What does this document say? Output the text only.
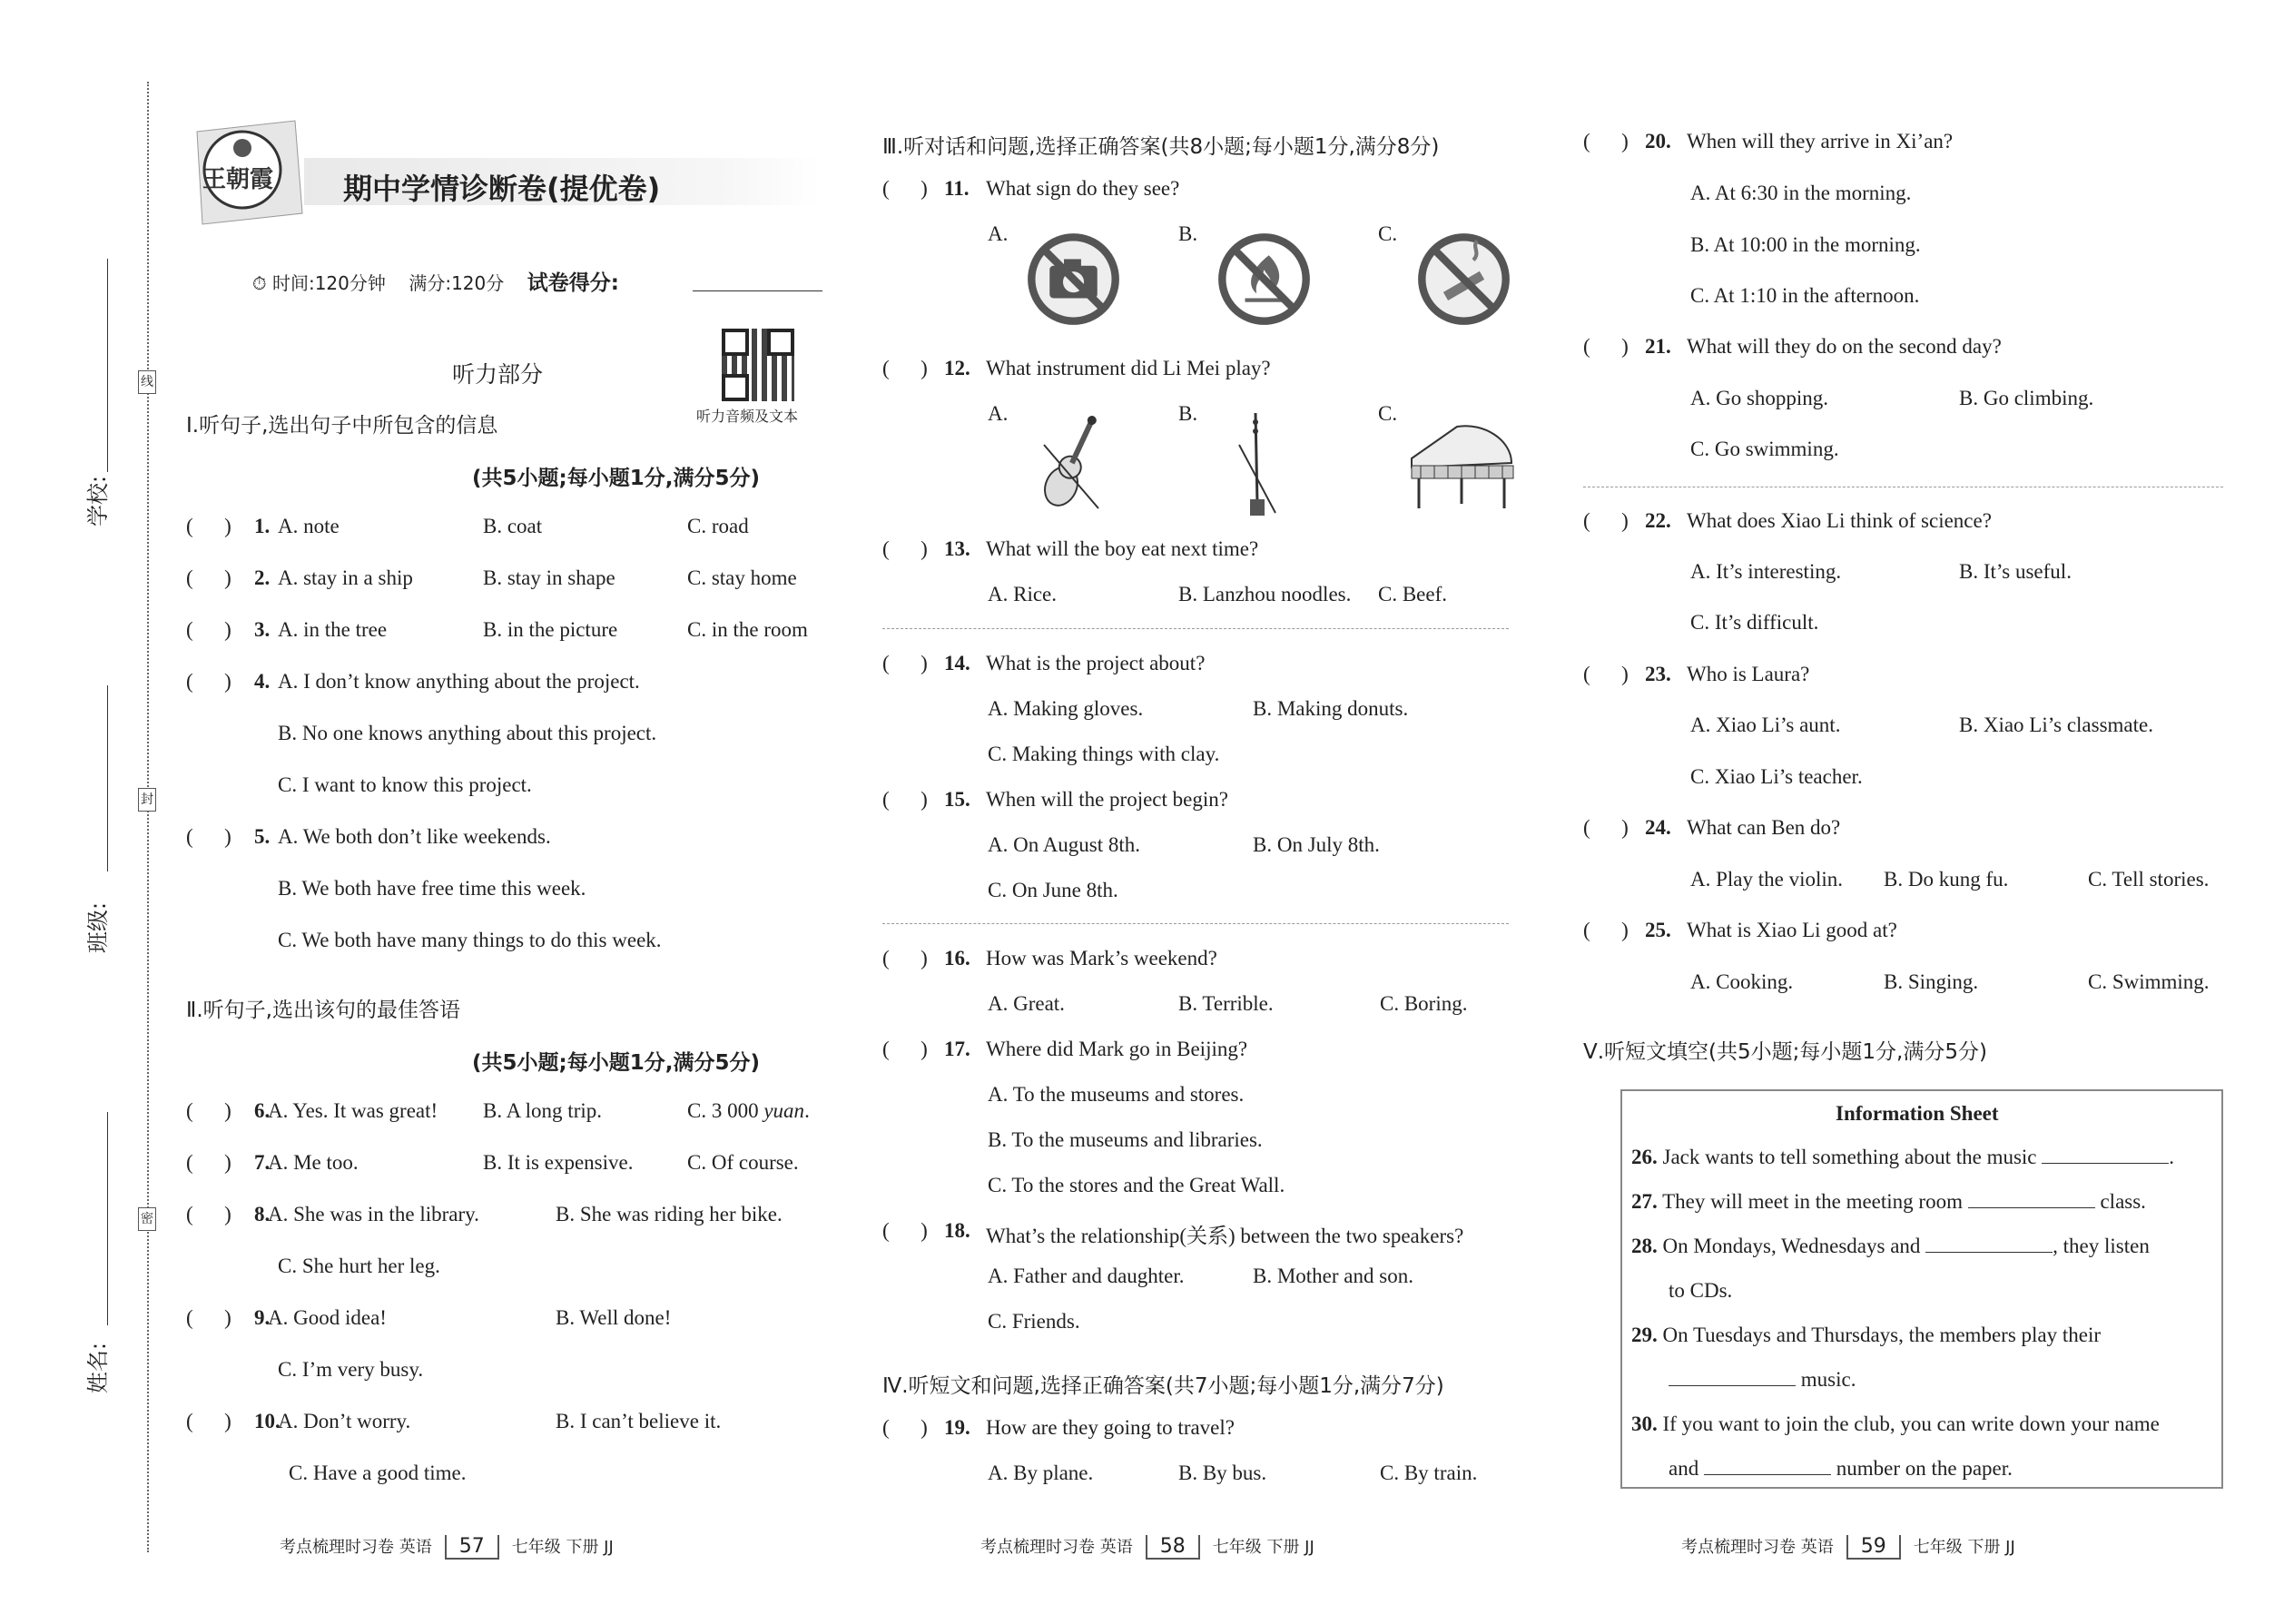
线
封
密
学校:
班级:
姓名:
王朝霞 期中学情诊断卷(提优卷)
⏱ 时间:120分钟 满分:120分 试卷得分:
听力音频及文本
听力部分
Ⅰ.听句子,选出句子中所包含的信息
(共5小题;每小题1分,满分5分)
(      ) 1. A. note	B. coat	C. road
(      ) 2. A. stay in a ship	B. stay in shape	C. stay home
(      ) 3. A. in the tree	B. in the picture	C. in the room
(      ) 4. A. I don’t know anything about the project.
B. No one knows anything about this project.
C. I want to know this project.
(      ) 5. A. We both don’t like weekends.
B. We both have free time this week.
C. We both have many things to do this week.
Ⅱ.听句子,选出该句的最佳答语
(共5小题;每小题1分,满分5分)
(      ) 6.
A. Yes. It was great! B. A long trip.	C. 3 000 yuan.
(      ) 7.
A. Me too.	B. It is expensive.	C. Of course.
(      ) 8.
A. She was in the library.	B. She was riding her bike.
C. She hurt her leg.
(      ) 9.
A. Good idea!	B. Well done!
C. I’m very busy.
(      ) 10.
A. Don’t worry.	B. I can’t believe it.
C. Have a good time.
Ⅲ.听对话和问题,选择正确答案(共8小题;每小题1分,满分8分)
(      ) 11. What sign do they see?
A.	B.	C.
(      ) 12. What instrument did Li Mei play?
A.	B.	C.
(      ) 13. What will the boy eat next time?
A. Rice.	B. Lanzhou noodles. C. Beef.
(      ) 14. What is the project about?
A. Making gloves.	B. Making donuts.
C. Making things with clay.
(      ) 15. When will the project begin?
A. On August 8th.	B. On July 8th.
C. On June 8th.
(      ) 16. How was Mark’s weekend?
A. Great.	B. Terrible.	C. Boring.
(      ) 17. Where did Mark go in Beijing?
A. To the museums and stores.
B. To the museums and libraries.
C. To the stores and the Great Wall.
(      ) 18. What’s the relationship(关系) between the two speakers?
A. Father and daughter.	B. Mother and son.
C. Friends.
Ⅳ.听短文和问题,选择正确答案(共7小题;每小题1分,满分7分)
(      ) 19. How are they going to travel?
A. By plane.	B. By bus.	C. By train.
(      ) 20. When will they arrive in Xi’an?
A. At 6:30 in the morning.
B. At 10:00 in the morning.
C. At 1:10 in the afternoon.
(      ) 21. What will they do on the second day?
A. Go shopping.	B. Go climbing.
C. Go swimming.
(      ) 22. What does Xiao Li think of science?
A. It’s interesting.	B. It’s useful.
C. It’s difficult.
(      ) 23. Who is Laura?
A. Xiao Li’s aunt.	B. Xiao Li’s classmate.
C. Xiao Li’s teacher.
(      ) 24. What can Ben do?
A. Play the violin. B. Do kung fu.	C. Tell stories.
(      ) 25. What is Xiao Li good at?
A. Cooking.	B. Singing.	C. Swimming.
Ⅴ.听短文填空(共5小题;每小题1分,满分5分)
Information Sheet
26. Jack wants to tell something about the music	.
27. They will meet in the meeting room	class.
28. On Mondays, Wednesdays and	, they listen
to CDs.
29. On Tuesdays and Thursdays, the members play their
music.
30. If you want to join the club, you can write down your name
and	number on the paper.
考点梳理时习卷 英语 57 七年级 下册 JJ	考点梳理时习卷 英语 58 七年级 下册 JJ	考点梳理时习卷 英语 59 七年级 下册 JJ
